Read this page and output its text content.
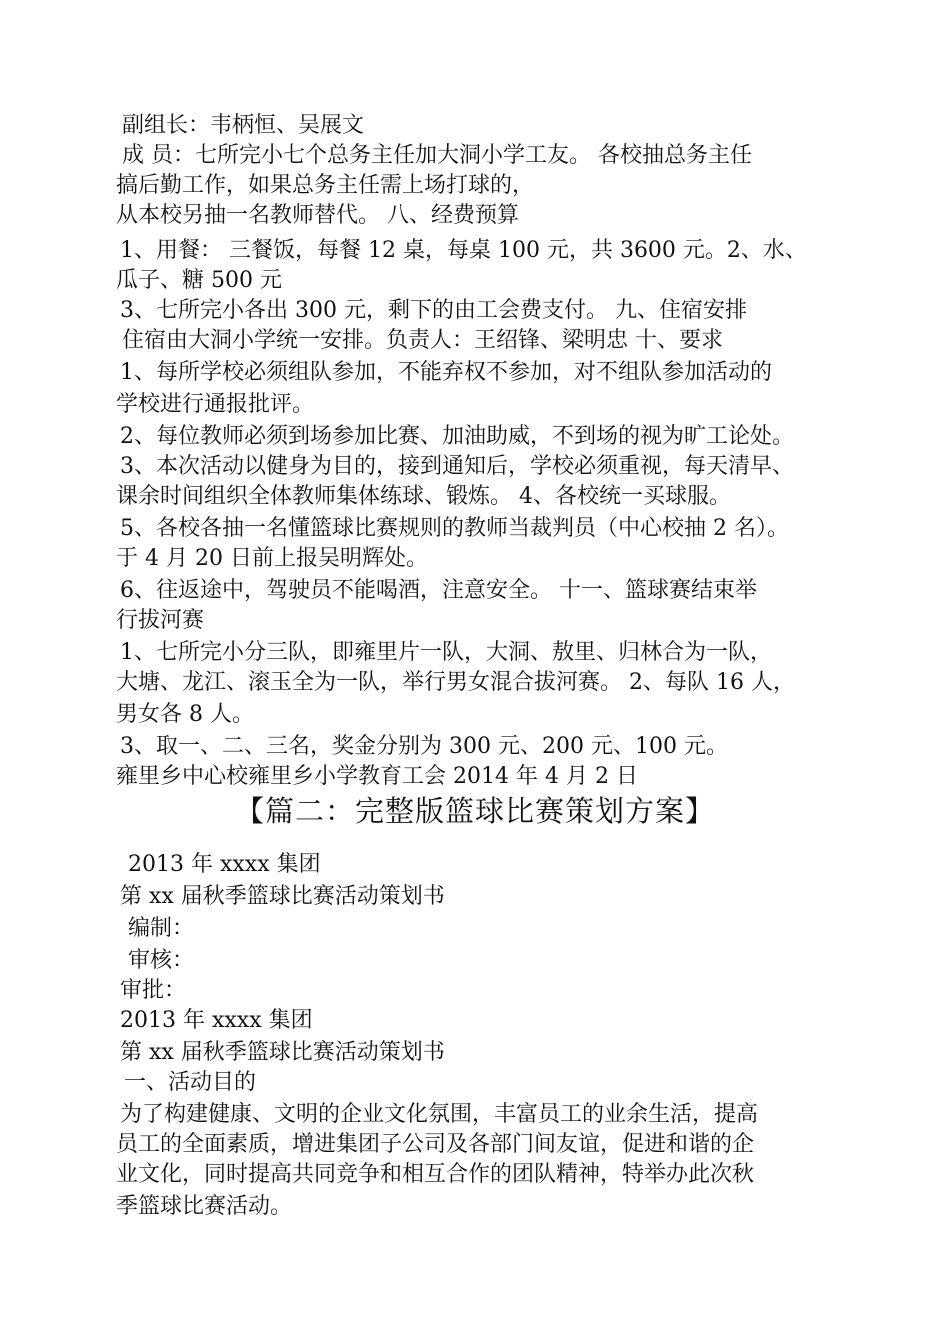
副组长：韦柄恒、吴展文
成 员：七所完小七个总务主任加大洞小学工友。 各校抽总务主任
搞后勤工作，如果总务主任需上场打球的，
从本校另抽一名教师替代。 八、经费预算
1、用餐： 三餐饭，每餐 12 桌，每桌 100 元，共 3600 元。2、水、
瓜子、糖 500 元
3、七所完小各出 300 元，剩下的由工会费支付。 九、住宿安排
住宿由大洞小学统一安排。负责人：王绍锋、梁明忠 十、要求
1、每所学校必须组队参加，不能弃权不参加，对不组队参加活动的
学校进行通报批评。
2、每位教师必须到场参加比赛、加油助威，不到场的视为旷工论处。
3、本次活动以健身为目的，接到通知后，学校必须重视，每天清早、
课余时间组织全体教师集体练球、锻炼。 4、各校统一买球服。
5、各校各抽一名懂篮球比赛规则的教师当裁判员（中心校抽 2 名）。
于 4 月 20 日前上报吴明辉处。
6、往返途中，驾驶员不能喝酒，注意安全。 十一、篮球赛结束举
行拔河赛
1、七所完小分三队，即雍里片一队，大洞、敖里、归林合为一队，
大塘、龙江、滚玉全为一队，举行男女混合拔河赛。 2、每队 16 人，
男女各 8 人。
3、取一、二、三名，奖金分别为 300 元、200 元、100 元。
雍里乡中心校雍里乡小学教育工会 2014 年 4 月 2 日
【篇二：完整版篮球比赛策划方案】
2013 年 xxxx 集团
第 xx 届秋季篮球比赛活动策划书
编制：
审核：
审批：
2013 年 xxxx 集团
第 xx 届秋季篮球比赛活动策划书
一、活动目的
为了构建健康、文明的企业文化氛围，丰富员工的业余生活，提高
员工的全面素质，增进集团子公司及各部门间友谊，促进和谐的企
业文化，同时提高共同竞争和相互合作的团队精神，特举办此次秋
季篮球比赛活动。
